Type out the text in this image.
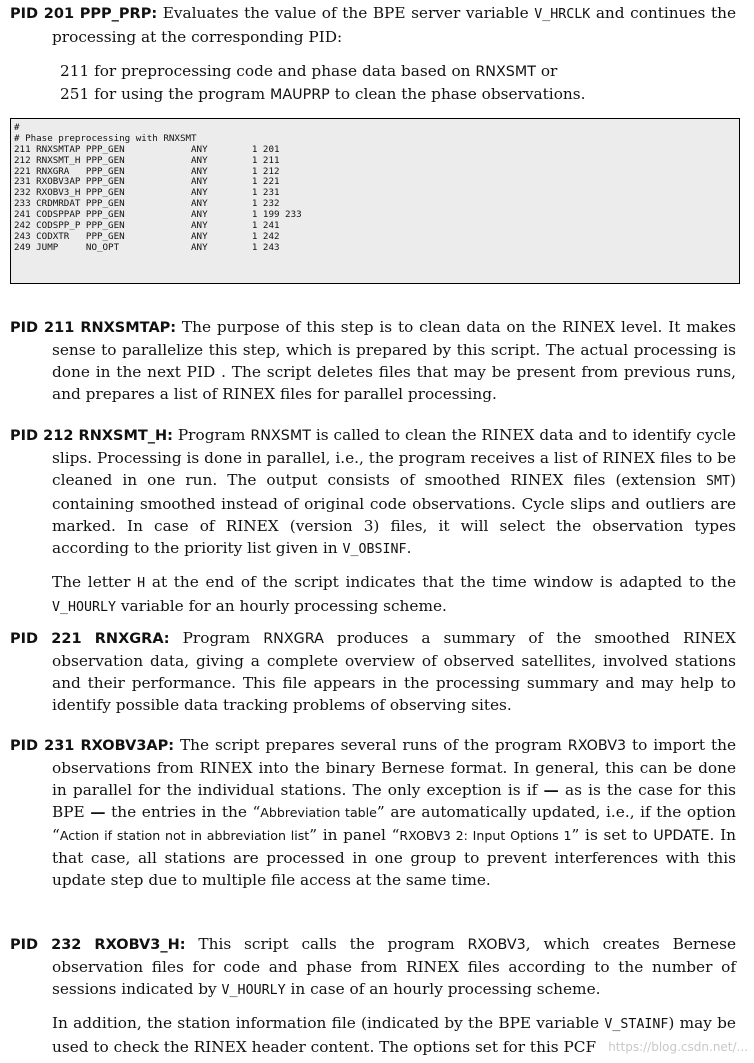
PID 201 PPP_PRP: Evaluates the value of the BPE server variable V_HRCLK and continues the processing at the corresponding PID:

211 for preprocessing code and phase data based on RNXSMT or
251 for using the program MAUPRP to clean the phase observations.
#
# Phase preprocessing with RNXSMT
211 RNXSMTAP PPP_GEN            ANY        1 201
212 RNXSMT_H PPP_GEN            ANY        1 211
221 RNXGRA   PPP_GEN            ANY        1 212
231 RXOBV3AP PPP_GEN            ANY        1 221
232 RXOBV3_H PPP_GEN            ANY        1 231
233 CRDMRDAT PPP_GEN            ANY        1 232
241 CODSPPAP PPP_GEN            ANY        1 199 233
242 CODSPP_P PPP_GEN            ANY        1 241
243 CODXTR   PPP_GEN            ANY        1 242
249 JUMP     NO_OPT             ANY        1 243

PID 211 RNXSMTAP: The purpose of this step is to clean data on the RINEX level. It makes sense to parallelize this step, which is prepared by this script. The actual processing is done in the next PID . The script deletes files that may be present from previous runs, and prepares a list of RINEX files for parallel processing.

PID 212 RNXSMT_H: Program RNXSMT is called to clean the RINEX data and to identify cycle slips. Processing is done in parallel, i.e., the program receives a list of RINEX files to be cleaned in one run. The output consists of smoothed RINEX files (extension SMT) containing smoothed instead of original code observations. Cycle slips and outliers are marked. In case of RINEX (version 3) files, it will select the observation types according to the priority list given in V_OBSINF.

The letter H at the end of the script indicates that the time window is adapted to the V_HOURLY variable for an hourly processing scheme.

PID 221 RNXGRA: Program RNXGRA produces a summary of the smoothed RINEX observation data, giving a complete overview of observed satellites, involved stations and their performance. This file appears in the processing summary and may help to identify possible data tracking problems of observing sites.

PID 231 RXOBV3AP: The script prepares several runs of the program RXOBV3 to import the observations from RINEX into the binary Bernese format. In general, this can be done in parallel for the individual stations. The only exception is if — as is the case for this BPE — the entries in the “Abbreviation table” are automatically updated, i.e., if the option “Action if station not in abbreviation list” in panel “RXOBV3 2: Input Options 1” is set to UPDATE. In that case, all stations are processed in one group to prevent interferences with this update step due to multiple file access at the same time.

PID 232 RXOBV3_H: This script calls the program RXOBV3, which creates Bernese observation files for code and phase from RINEX files according to the number of sessions indicated by V_HOURLY in case of an hourly processing scheme.

In addition, the station information file (indicated by the BPE variable V_STAINF) may be used to check the RINEX header content. The options set for this PCF	https://blog.csdn.net/...
